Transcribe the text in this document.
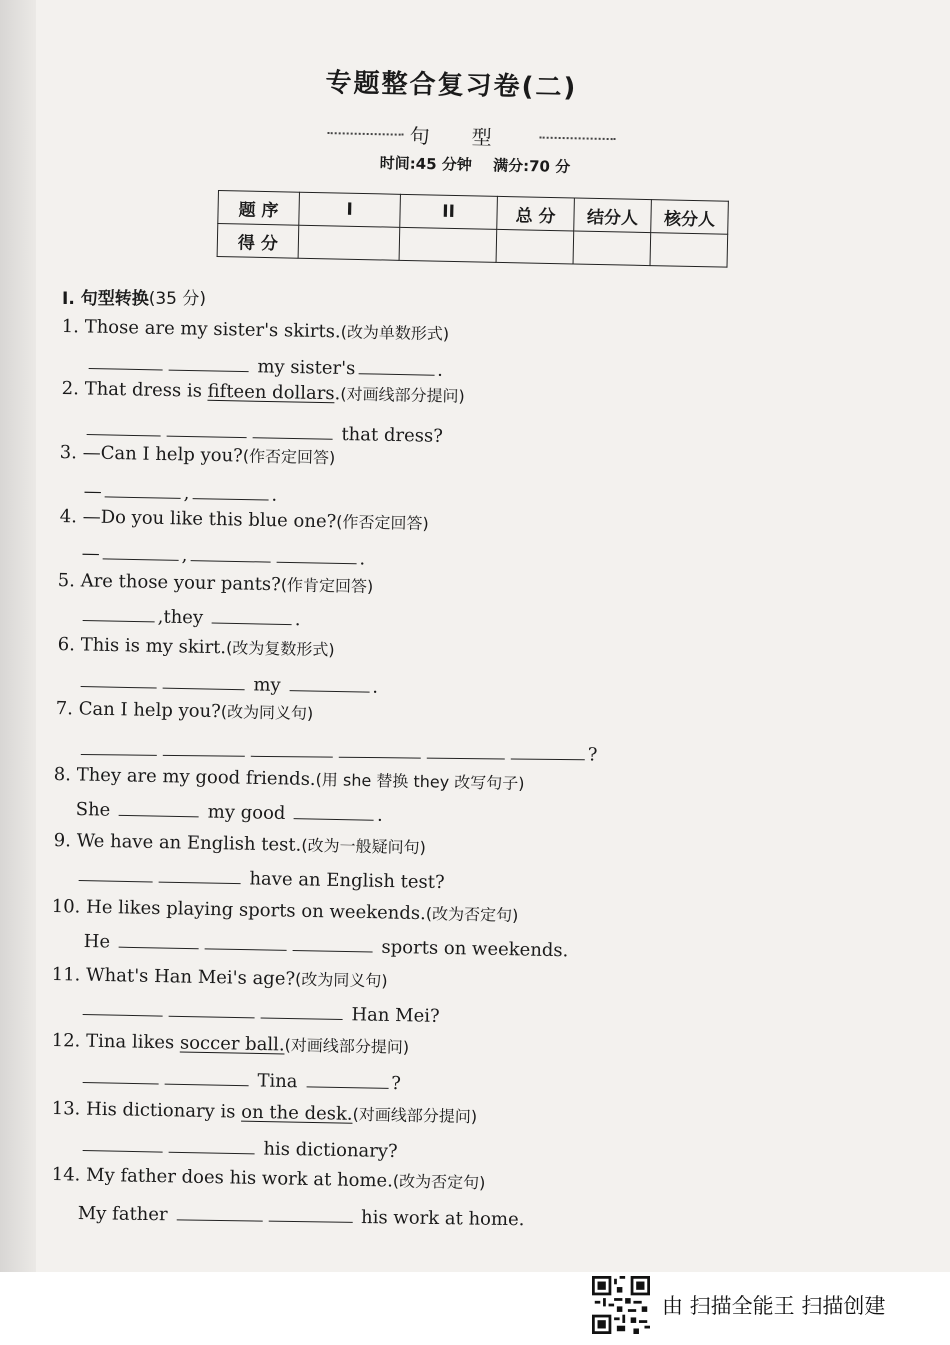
专题整合复习卷(二)
句型
时间:45 分钟 满分:70 分
题 序	I	II	总 分	结分人	核分人
得 分					
I. 句型转换(35 分)
1. Those are my sister's skirts.(改为单数形式)
my sister's	.
2. That dress is fifteen dollars.(对画线部分提问)
that dress?
3. —Can I help you?(作否定回答)
—	,	.
4. —Do you like this blue one?(作否定回答)
—	,	.
5. Are those your pants?(作肯定回答)
,they	.
6. This is my skirt.(改为复数形式)
my	.
7. Can I help you?(改为同义句)
?
8. They are my good friends.(用 she 替换 they 改写句子)
She	my good	.
9. We have an English test.(改为一般疑问句)
have an English test?
10. He likes playing sports on weekends.(改为否定句)
He	sports on weekends.
11. What's Han Mei's age?(改为同义句)
Han Mei?
12. Tina likes soccer ball.(对画线部分提问)
Tina	?
13. His dictionary is on the desk.(对画线部分提问)
his dictionary?
14. My father does his work at home.(改为否定句)
My father	his work at home.
由 扫描全能王 扫描创建
